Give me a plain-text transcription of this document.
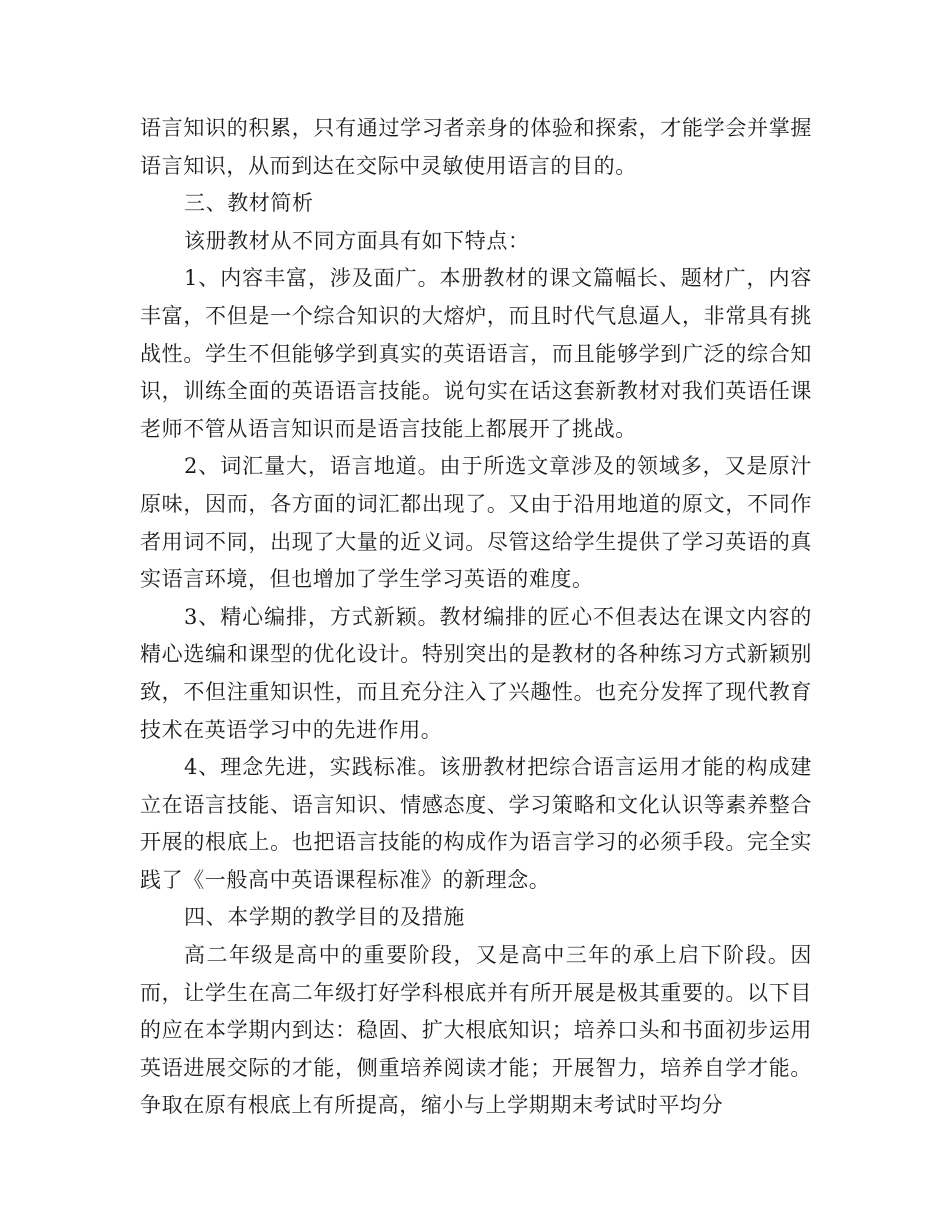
语言知识的积累，只有通过学习者亲身的体验和探索，才能学会并掌握语言知识，从而到达在交际中灵敏使用语言的目的。

三、教材简析

该册教材从不同方面具有如下特点：

1、内容丰富，涉及面广。本册教材的课文篇幅长、题材广，内容丰富，不但是一个综合知识的大熔炉，而且时代气息逼人，非常具有挑战性。学生不但能够学到真实的英语语言，而且能够学到广泛的综合知识，训练全面的英语语言技能。说句实在话这套新教材对我们英语任课老师不管从语言知识而是语言技能上都展开了挑战。

2、词汇量大，语言地道。由于所选文章涉及的领域多，又是原汁原味，因而，各方面的词汇都出现了。又由于沿用地道的原文，不同作者用词不同，出现了大量的近义词。尽管这给学生提供了学习英语的真实语言环境，但也增加了学生学习英语的难度。

3、精心编排，方式新颖。教材编排的匠心不但表达在课文内容的精心选编和课型的优化设计。特别突出的是教材的各种练习方式新颖别致，不但注重知识性，而且充分注入了兴趣性。也充分发挥了现代教育技术在英语学习中的先进作用。

4、理念先进，实践标准。该册教材把综合语言运用才能的构成建立在语言技能、语言知识、情感态度、学习策略和文化认识等素养整合开展的根底上。也把语言技能的构成作为语言学习的必须手段。完全实践了《一般高中英语课程标准》的新理念。

四、本学期的教学目的及措施

高二年级是高中的重要阶段，又是高中三年的承上启下阶段。因而，让学生在高二年级打好学科根底并有所开展是极其重要的。以下目的应在本学期内到达：稳固、扩大根底知识；培养口头和书面初步运用英语进展交际的才能，侧重培养阅读才能；开展智力，培养自学才能。争取在原有根底上有所提高，缩小与上学期期末考试时平均分
